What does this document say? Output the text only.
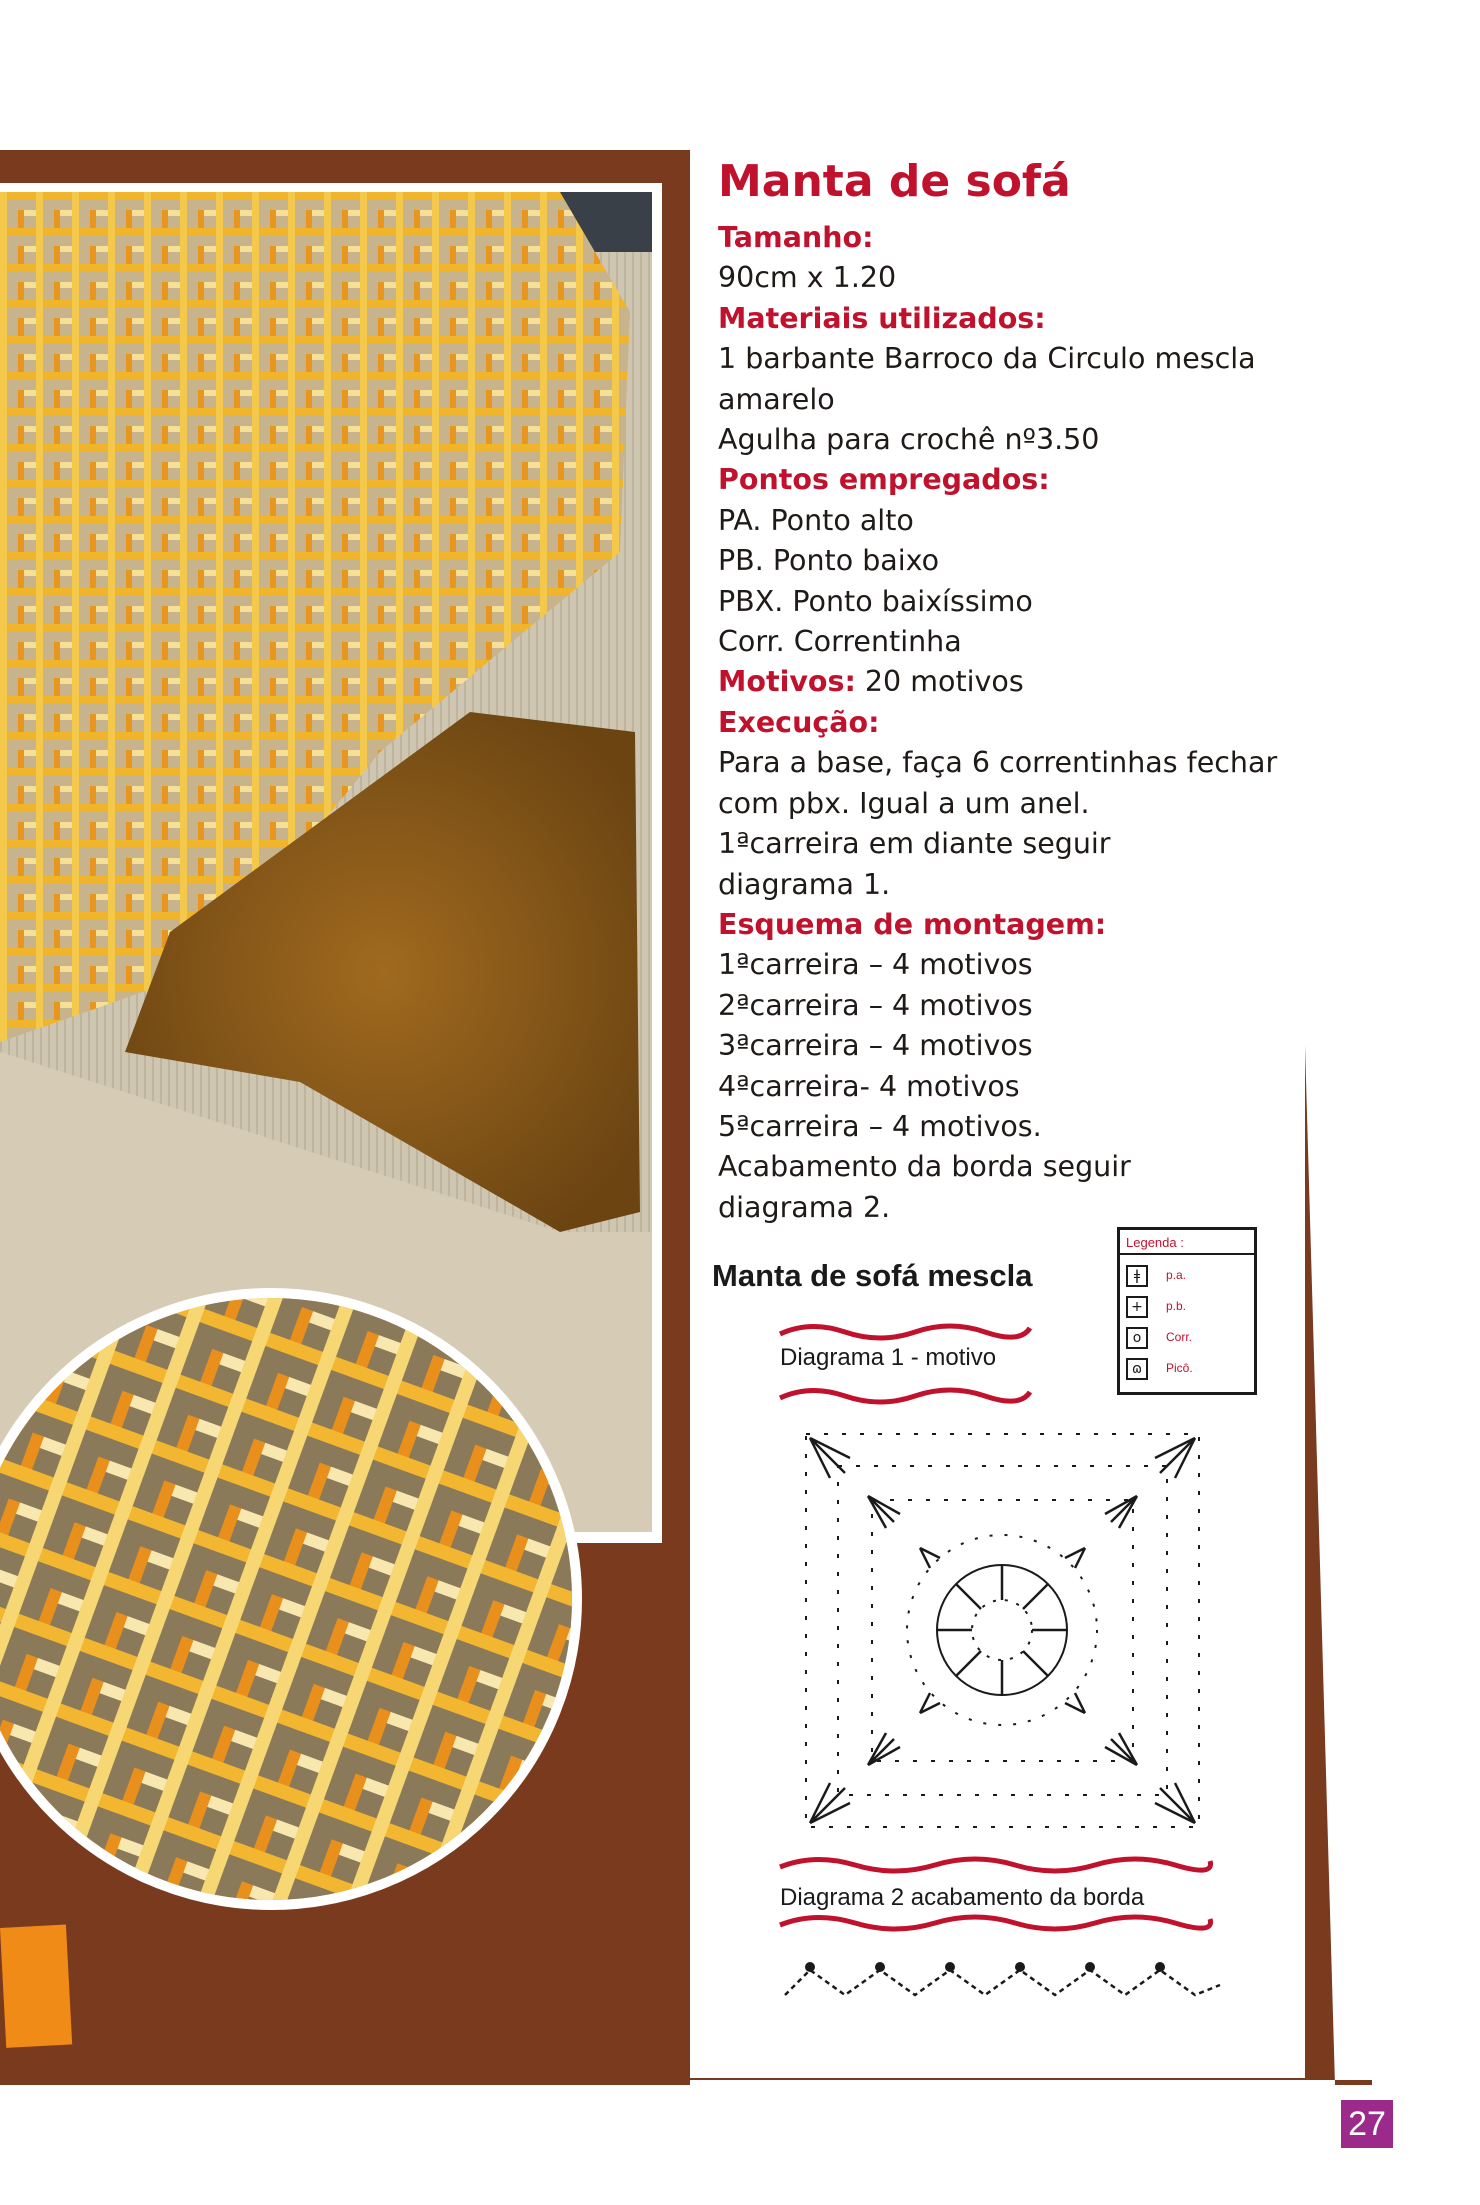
Manta de sofá
Tamanho:
90cm x 1.20
Materiais utilizados:
1 barbante Barroco da Circulo mescla
amarelo
Agulha para crochê nº3.50
Pontos empregados:
PA. Ponto alto
PB. Ponto baixo
PBX. Ponto baixíssimo
Corr. Correntinha
Motivos: 20 motivos
Execução:
Para a base, faça 6 correntinhas fechar
com pbx. Igual a um anel.
1ªcarreira em diante seguir
diagrama 1.
Esquema de montagem:
1ªcarreira – 4 motivos
2ªcarreira – 4 motivos
3ªcarreira – 4 motivos
4ªcarreira- 4 motivos
5ªcarreira – 4 motivos.
Acabamento da borda seguir
diagrama 2.
Manta de sofá mescla
Diagrama 1 - motivo
Legenda :
ǂ	p.a.
+	p.b.
o	Corr.
ɷ	Picô.
Diagrama 2 acabamento da borda
27
